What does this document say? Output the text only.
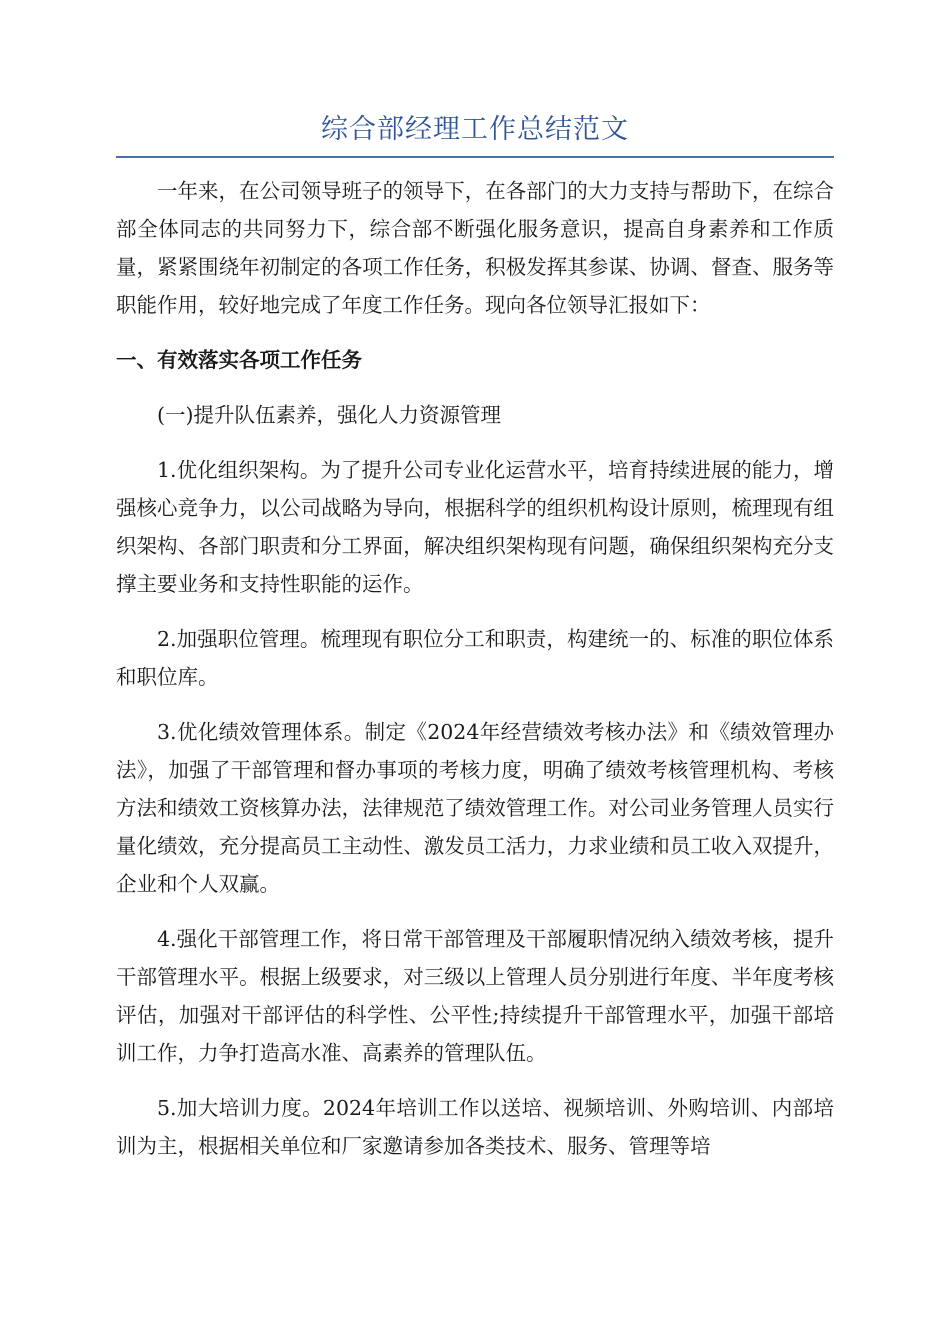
综合部经理工作总结范文

一年来，在公司领导班子的领导下，在各部门的大力支持与帮助下，在综合部全体同志的共同努力下，综合部不断强化服务意识，提高自身素养和工作质量，紧紧围绕年初制定的各项工作任务，积极发挥其参谋、协调、督查、服务等职能作用，较好地完成了年度工作任务。现向各位领导汇报如下：

一、有效落实各项工作任务

(一)提升队伍素养，强化人力资源管理

1.优化组织架构。为了提升公司专业化运营水平，培育持续进展的能力，增强核心竞争力，以公司战略为导向，根据科学的组织机构设计原则，梳理现有组织架构、各部门职责和分工界面，解决组织架构现有问题，确保组织架构充分支撑主要业务和支持性职能的运作。

2.加强职位管理。梳理现有职位分工和职责，构建统一的、标准的职位体系和职位库。

3.优化绩效管理体系。制定《2024年经营绩效考核办法》和《绩效管理办法》，加强了干部管理和督办事项的考核力度，明确了绩效考核管理机构、考核方法和绩效工资核算办法，法律规范了绩效管理工作。对公司业务管理人员实行量化绩效，充分提高员工主动性、激发员工活力，力求业绩和员工收入双提升，企业和个人双赢。

4.强化干部管理工作，将日常干部管理及干部履职情况纳入绩效考核，提升干部管理水平。根据上级要求，对三级以上管理人员分别进行年度、半年度考核评估，加强对干部评估的科学性、公平性;持续提升干部管理水平，加强干部培训工作，力争打造高水准、高素养的管理队伍。

5.加大培训力度。2024年培训工作以送培、视频培训、外购培训、内部培训为主，根据相关单位和厂家邀请参加各类技术、服务、管理等培
